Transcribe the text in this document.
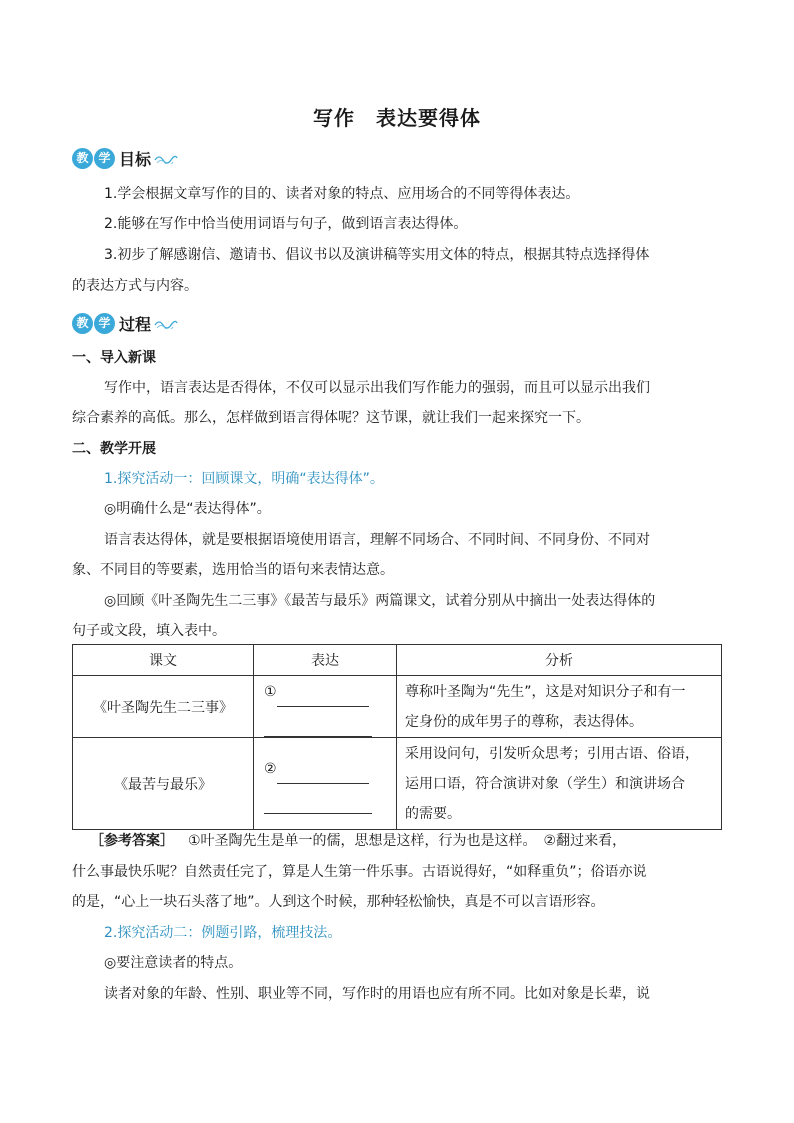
写作　表达要得体
教 学 目标
1.学会根据文章写作的目的、读者对象的特点、应用场合的不同等得体表达。
2.能够在写作中恰当使用词语与句子，做到语言表达得体。
3.初步了解感谢信、邀请书、倡议书以及演讲稿等实用文体的特点，根据其特点选择得体
的表达方式与内容。
教 学 过程
一、导入新课
写作中，语言表达是否得体，不仅可以显示出我们写作能力的强弱，而且可以显示出我们
综合素养的高低。那么，怎样做到语言得体呢？这节课，就让我们一起来探究一下。
二、教学开展
1.探究活动一：回顾课文，明确“表达得体”。
◎明确什么是“表达得体”。
语言表达得体，就是要根据语境使用语言，理解不同场合、不同时间、不同身份、不同对
象、不同目的等要素，选用恰当的语句来表情达意。
◎回顾《叶圣陶先生二三事》《最苦与最乐》两篇课文，试着分别从中摘出一处表达得体的
句子或文段，填入表中。
课文	表达	分析
《叶圣陶先生二三事》	①	尊称叶圣陶为“先生”，这是对知识分子和有一
定身份的成年男子的尊称，表达得体。

《最苦与最乐》	②	采用设问句，引发听众思考；引用古语、俗语，
运用口语，符合演讲对象（学生）和演讲场合
的需要。
［参考答案］ ①叶圣陶先生是单一的儒，思想是这样，行为也是这样。　②翻过来看，
什么事最快乐呢？自然责任完了，算是人生第一件乐事。古语说得好，“如释重负”；俗语亦说
的是，“心上一块石头落了地”。人到这个时候，那种轻松愉快，真是不可以言语形容。
2.探究活动二：例题引路，梳理技法。
◎要注意读者的特点。
读者对象的年龄、性别、职业等不同，写作时的用语也应有所不同。比如对象是长辈，说
